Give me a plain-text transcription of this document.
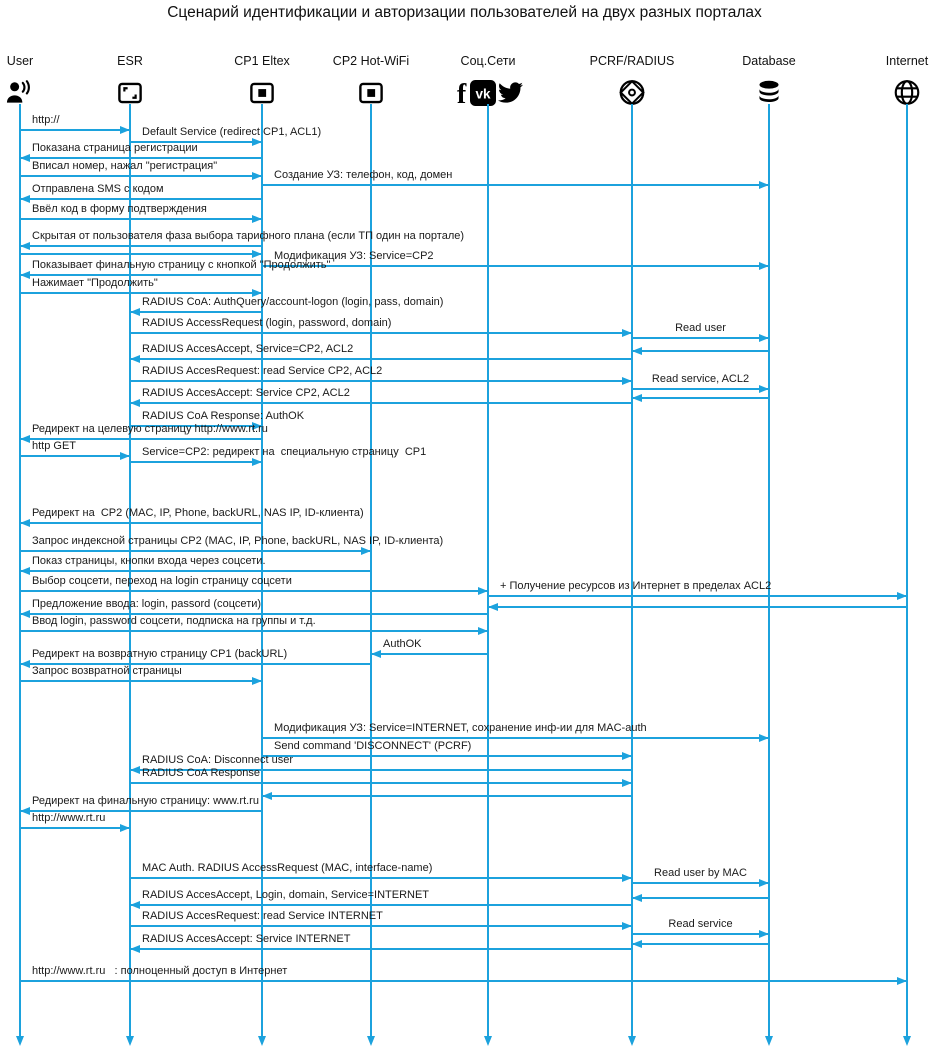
Сценарий идентификации и авторизации пользователей на двух разных порталах
User	ESR	CP1 Eltex	CP2 Hot-WiFi	Соц.Сети
f vk
PCRF/RADIUS	Database	Internet
http://
Default Service (redirect CP1, ACL1)
Показана страница регистрации
Вписал номер, нажал "регистрация"
Создание УЗ: телефон, код, домен
Отправлена SMS с кодом
Ввёл код в форму подтверждения
Скрытая от пользователя фаза выбора тарифного плана (если ТП один на портале)
Модификация УЗ: Service=CP2
Показывает финальную страницу с кнопкой "Продолжить"
Нажимает "Продолжить"
RADIUS CoA: AuthQuery/account-logon (login, pass, domain)
RADIUS AccessRequest (login, password, domain)	Read user
RADIUS AccesAccept, Service=CP2, ACL2
RADIUS AccesRequest: read Service CP2, ACL2
Read service, ACL2
RADIUS AccesAccept: Service CP2, ACL2
RADIUS CoA Response: AuthOK
Редирект на целевую страницу http://www.rt.ru
http GET	Service=CP2: редирект на  специальную страницу  CP1
Редирект на  CP2 (MAC, IP, Phone, backURL, NAS IP, ID-клиента)
Запрос индексной страницы CP2 (MAC, IP, Phone, backURL, NAS IP, ID-клиента)
Показ страницы, кнопки входа через соцсети.
Выбор соцсети, переход на login страницу соцсети	+ Получение ресурсов из Интернет в пределах ACL2
Предложение ввода: login, passord (соцсети)
Ввод login, password соцсети, подписка на группы и т.д.
AuthOK
Редирект на возвратную страницу CP1 (backURL)
Запрос возвратной страницы
Модификация УЗ: Service=INTERNET, сохранение инф-ии для MAC-auth
Send command 'DISCONNECT' (PCRF)
RADIUS CoA: Disconnect user
RADIUS CoA Response
Редирект на финальную страницу: www.rt.ru
http://www.rt.ru
MAC Auth. RADIUS AccessRequest (MAC, interface-name)	Read user by MAC
RADIUS AccesAccept, Login, domain, Service=INTERNET
RADIUS AccesRequest: read Service INTERNET
Read service
RADIUS AccesAccept: Service INTERNET
http://www.rt.ru   : полноценный доступ в Интернет
